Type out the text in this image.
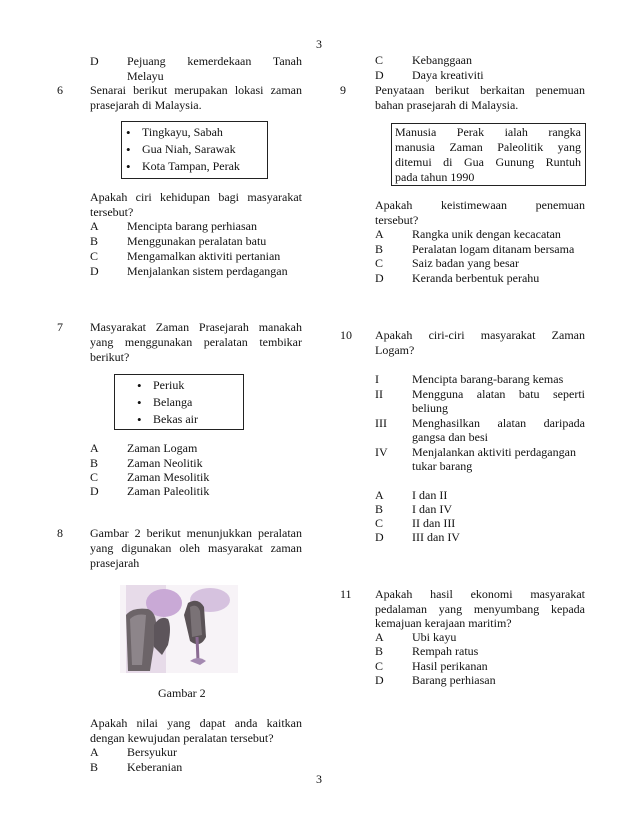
3
3
D Pejuang kemerdekaan Tanah
Melayu
6 Senarai berikut merupakan lokasi zaman
prasejarah di Malaysia.
• Tingkayu, Sabah
• Gua Niah, Sarawak
• Kota Tampan, Perak
Apakah ciri kehidupan bagi masyarakat
tersebut?
A Mencipta barang perhiasan
B Menggunakan peralatan batu
C Mengamalkan aktiviti pertanian
D Menjalankan sistem perdagangan
7 Masyarakat Zaman Prasejarah manakah
yang menggunakan peralatan tembikar
berikut?
• Periuk
• Belanga
• Bekas air
A Zaman Logam
B Zaman Neolitik
C Zaman Mesolitik
D Zaman Paleolitik
8 Gambar 2 berikut menunjukkan peralatan
yang digunakan oleh masyarakat zaman
prasejarah
Gambar 2
Apakah nilai yang dapat anda kaitkan
dengan kewujudan peralatan tersebut?
A Bersyukur
B Keberanian
C Kebanggaan
D Daya kreativiti
9 Penyataan berikut berkaitan penemuan
bahan prasejarah di Malaysia.
Manusia Perak ialah rangka
manusia Zaman Paleolitik yang
ditemui di Gua Gunung Runtuh
pada tahun 1990
Apakah keistimewaan penemuan
tersebut?
A Rangka unik dengan kecacatan
B Peralatan logam ditanam bersama
C Saiz badan yang besar
D Keranda berbentuk perahu
10 Apakah ciri-ciri masyarakat Zaman
Logam?
I	Mencipta barang-barang kemas
II Mengguna alatan batu seperti
beliung
III Menghasilkan alatan daripada
gangsa dan besi
IV Menjalankan aktiviti perdagangan
tukar barang
A I dan II
B I dan IV
C II dan III
D III dan IV
11 Apakah hasil ekonomi masyarakat
pedalaman yang menyumbang kepada
kemajuan kerajaan maritim?
A Ubi kayu
B Rempah ratus
C Hasil perikanan
D Barang perhiasan
